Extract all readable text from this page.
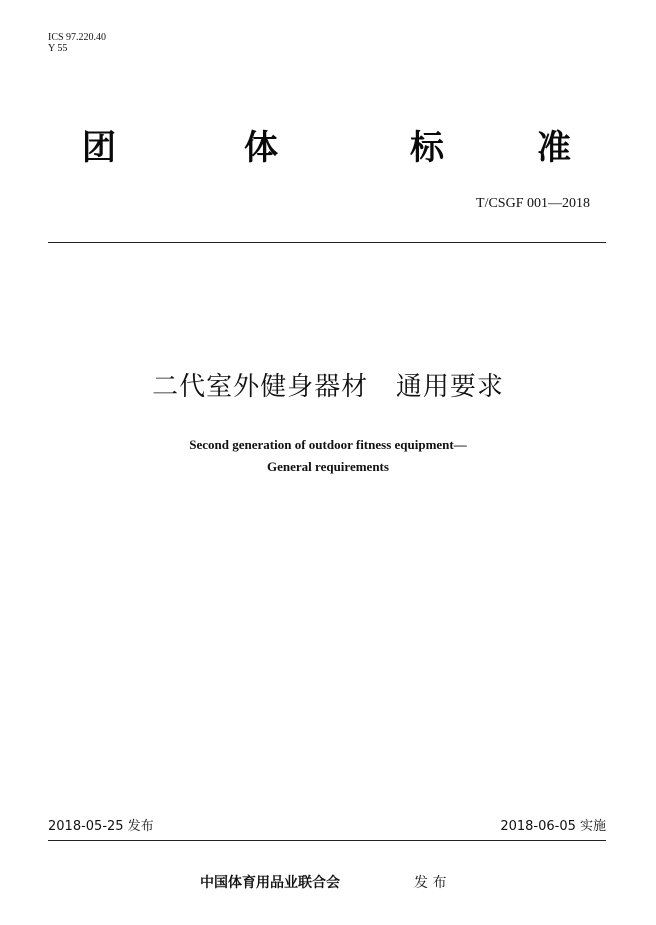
ICS 97.220.40
Y 55
团	体	标	准
T/CSGF 001—2018
二代室外健身器材   通用要求
Second generation of outdoor fitness equipment—
General requirements
2018-05-25 发布	2018-06-05 实施
中国体育用品业联合会	发 布
